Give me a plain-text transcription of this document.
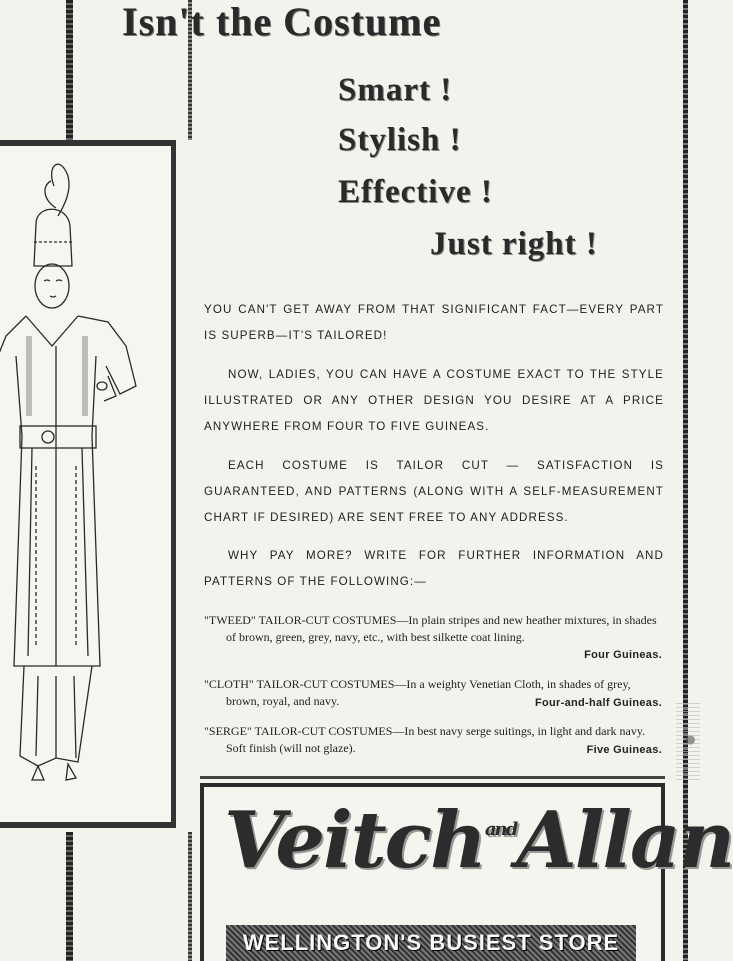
Isn't the Costume
Smart !
Stylish !
Effective !
Just right !
YOU CAN'T GET AWAY FROM THAT SIGNIFICANT FACT—EVERY PART IS SUPERB—IT'S TAILORED!
NOW, LADIES, YOU CAN HAVE A COSTUME EXACT TO THE STYLE ILLUSTRATED OR ANY OTHER DESIGN YOU DESIRE AT A PRICE ANYWHERE FROM FOUR TO FIVE GUINEAS.
EACH COSTUME IS TAILOR CUT — SATISFACTION IS GUARANTEED, AND PATTERNS (ALONG WITH A SELF-MEASUREMENT CHART IF DESIRED) ARE SENT FREE TO ANY ADDRESS.
WHY PAY MORE? WRITE FOR FURTHER INFORMATION AND PATTERNS OF THE FOLLOWING:—
"TWEED" TAILOR-CUT COSTUMES—In plain stripes and new heather mixtures, in shades of brown, green, grey, navy, etc., with best silkette coat lining.
Four Guineas.
"CLOTH" TAILOR-CUT COSTUMES—In a weighty Venetian Cloth, in shades of grey, brown, royal, and navy.	Four-and-half Guineas.
"SERGE" TAILOR-CUT COSTUMES—In best navy serge suitings, in light and dark navy. Soft finish (will not glaze).	Five Guineas.
Veitch$^{and}$Allan
WELLINGTON'S BUSIEST STORE
